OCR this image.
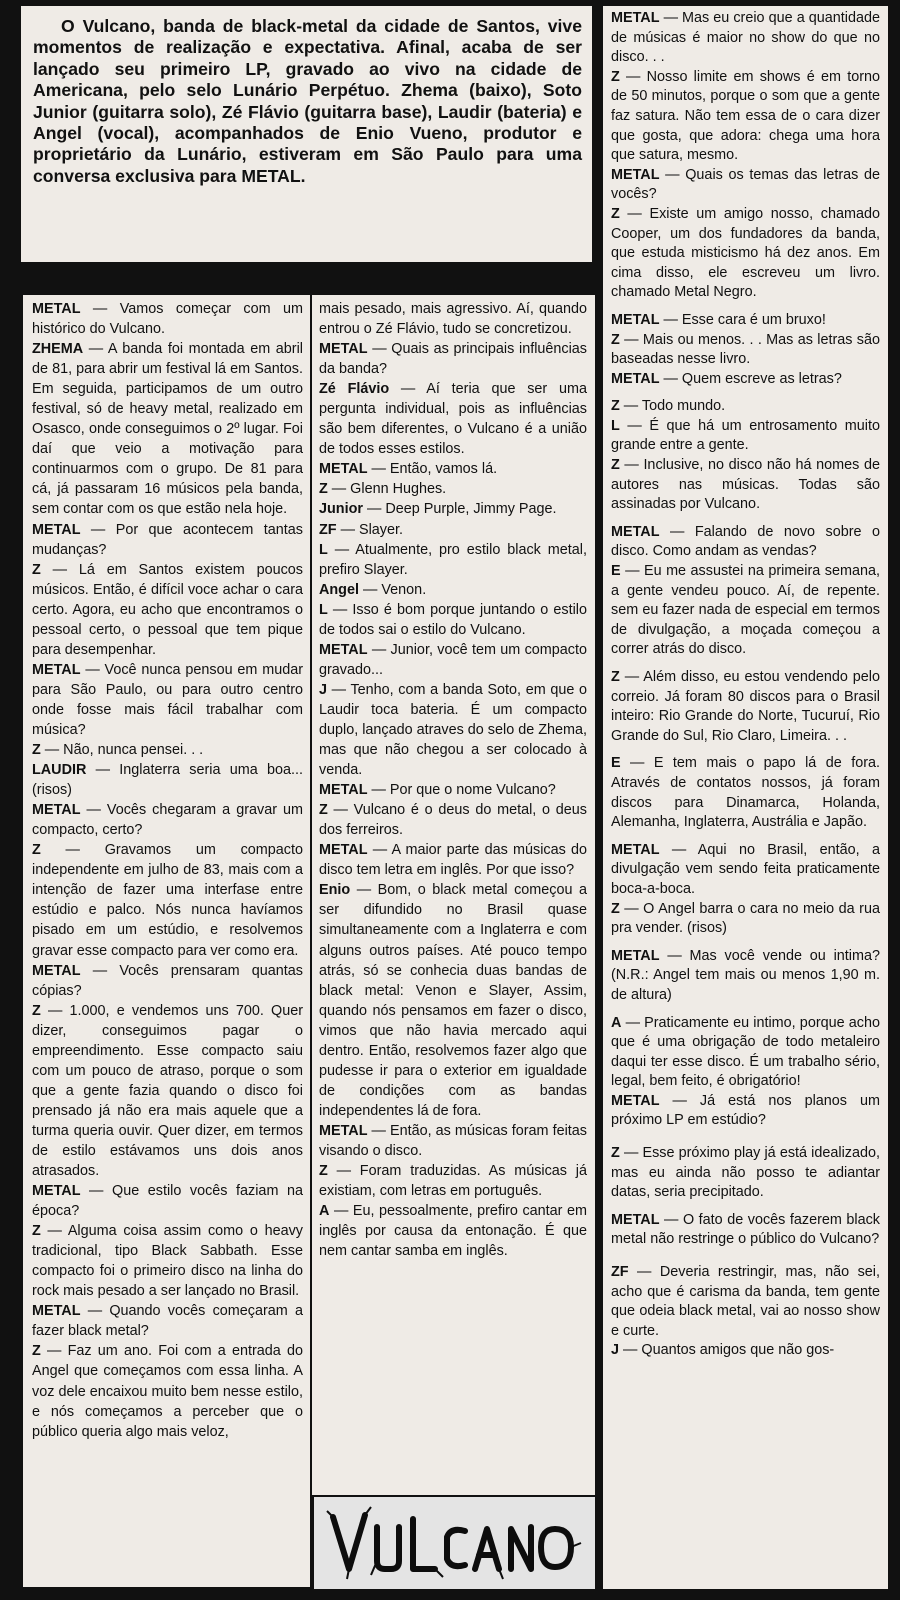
O Vulcano, banda de black-metal da cidade de Santos, vive momentos de realização e expectativa. Afinal, acaba de ser lançado seu primeiro LP, gravado ao vivo na cidade de Americana, pelo selo Lunário Perpétuo. Zhema (baixo), Soto Junior (guitarra solo), Zé Flávio (guitarra base), Laudir (bateria) e Angel (vocal), acompanhados de Enio Vueno, produtor e proprietário da Lunário, estiveram em São Paulo para uma conversa exclusiva para METAL.

METAL — Vamos começar com um histórico do Vulcano.

ZHEMA — A banda foi montada em abril de 81, para abrir um festival lá em Santos. Em seguida, participamos de um outro festival, só de heavy metal, realizado em Osasco, onde conseguimos o 2º lugar. Foi daí que veio a motivação para continuarmos com o grupo. De 81 para cá, já passaram 16 músicos pela banda, sem contar com os que estão nela hoje.

METAL — Por que acontecem tantas mudanças?

Z — Lá em Santos existem poucos músicos. Então, é difícil voce achar o cara certo. Agora, eu acho que encontramos o pessoal certo, o pessoal que tem pique para desempenhar.

METAL — Você nunca pensou em mudar para São Paulo, ou para outro centro onde fosse mais fácil trabalhar com música?

Z — Não, nunca pensei. . .

LAUDIR — Inglaterra seria uma boa... (risos)

METAL — Vocês chegaram a gravar um compacto, certo?

Z — Gravamos um compacto independente em julho de 83, mais com a intenção de fazer uma interfase entre estúdio e palco. Nós nunca havíamos pisado em um estúdio, e resolvemos gravar esse compacto para ver como era.

METAL — Vocês prensaram quantas cópias?

Z — 1.000, e vendemos uns 700. Quer dizer, conseguimos pagar o empreendimento. Esse compacto saiu com um pouco de atraso, porque o som que a gente fazia quando o disco foi prensado já não era mais aquele que a turma queria ouvir. Quer dizer, em termos de estilo estávamos uns dois anos atrasados.

METAL — Que estilo vocês faziam na época?

Z — Alguma coisa assim como o heavy tradicional, tipo Black Sabbath. Esse compacto foi o primeiro disco na linha do rock mais pesado a ser lançado no Brasil.

METAL — Quando vocês começaram a fazer black metal?

Z — Faz um ano. Foi com a entrada do Angel que começamos com essa linha. A voz dele encaixou muito bem nesse estilo, e nós começamos a perceber que o público queria algo mais veloz,

mais pesado, mais agressivo. Aí, quando entrou o Zé Flávio, tudo se concretizou.

METAL — Quais as principais influências da banda?

Zé Flávio — Aí teria que ser uma pergunta individual, pois as influências são bem diferentes, o Vulcano é a união de todos esses estilos.

METAL — Então, vamos lá.

Z — Glenn Hughes.

Junior — Deep Purple, Jimmy Page.

ZF — Slayer.

L — Atualmente, pro estilo black metal, prefiro Slayer.

Angel — Venon.

L — Isso é bom porque juntando o estilo de todos sai o estilo do Vulcano.

METAL — Junior, você tem um compacto gravado...

J — Tenho, com a banda Soto, em que o Laudir toca bateria. É um compacto duplo, lançado atraves do selo de Zhema, mas que não chegou a ser colocado à venda.

METAL — Por que o nome Vulcano?

Z — Vulcano é o deus do metal, o deus dos ferreiros.

METAL — A maior parte das músicas do disco tem letra em inglês. Por que isso?

Enio — Bom, o black metal começou a ser difundido no Brasil quase simultaneamente com a Inglaterra e com alguns outros países. Até pouco tempo atrás, só se conhecia duas bandas de black metal: Venon e Slayer, Assim, quando nós pensamos em fazer o disco, vimos que não havia mercado aqui dentro. Então, resolvemos fazer algo que pudesse ir para o exterior em igualdade de condições com as bandas independentes lá de fora.

METAL — Então, as músicas foram feitas visando o disco.

Z — Foram traduzidas. As músicas já existiam, com letras em português.

A — Eu, pessoalmente, prefiro cantar em inglês por causa da entonação. É que nem cantar samba em inglês.

METAL — Mas eu creio que a quantidade de músicas é maior no show do que no disco. . .

Z — Nosso limite em shows é em torno de 50 minutos, porque o som que a gente faz satura. Não tem essa de o cara dizer que gosta, que adora: chega uma hora que satura, mesmo.

METAL — Quais os temas das letras de vocês?

Z — Existe um amigo nosso, chamado Cooper, um dos fundadores da banda, que estuda misticismo há dez anos. Em cima disso, ele escreveu um livro. chamado Metal Negro.

METAL — Esse cara é um bruxo!

Z — Mais ou menos. . . Mas as letras são baseadas nesse livro.

METAL — Quem escreve as letras?

Z — Todo mundo.

L — É que há um entrosamento muito grande entre a gente.

Z — Inclusive, no disco não há nomes de autores nas músicas. Todas são assinadas por Vulcano.

METAL — Falando de novo sobre o disco. Como andam as vendas?

E — Eu me assustei na primeira semana, a gente vendeu pouco. Aí, de repente. sem eu fazer nada de especial em termos de divulgação, a moçada começou a correr atrás do disco.

Z — Além disso, eu estou vendendo pelo correio. Já foram 80 discos para o Brasil inteiro: Rio Grande do Norte, Tucuruí, Rio Grande do Sul, Rio Claro, Limeira. . .

E — E tem mais o papo lá de fora. Através de contatos nossos, já foram discos para Dinamarca, Holanda, Alemanha, Inglaterra, Austrália e Japão.

METAL — Aqui no Brasil, então, a divulgação vem sendo feita praticamente boca-a-boca.

Z — O Angel barra o cara no meio da rua pra vender. (risos)

METAL — Mas você vende ou intima? (N.R.: Angel tem mais ou menos 1,90 m. de altura)

A — Praticamente eu intimo, porque acho que é uma obrigação de todo metaleiro daqui ter esse disco. É um trabalho sério, legal, bem feito, é obrigatório!

METAL — Já está nos planos um próximo LP em estúdio?

Z — Esse próximo play já está idealizado, mas eu ainda não posso te adiantar datas, seria precipitado.

METAL — O fato de vocês fazerem black metal não restringe o público do Vulcano?

ZF — Deveria restringir, mas, não sei, acho que é carisma da banda, tem gente que odeia black metal, vai ao nosso show e curte.

J — Quantos amigos que não gos-
